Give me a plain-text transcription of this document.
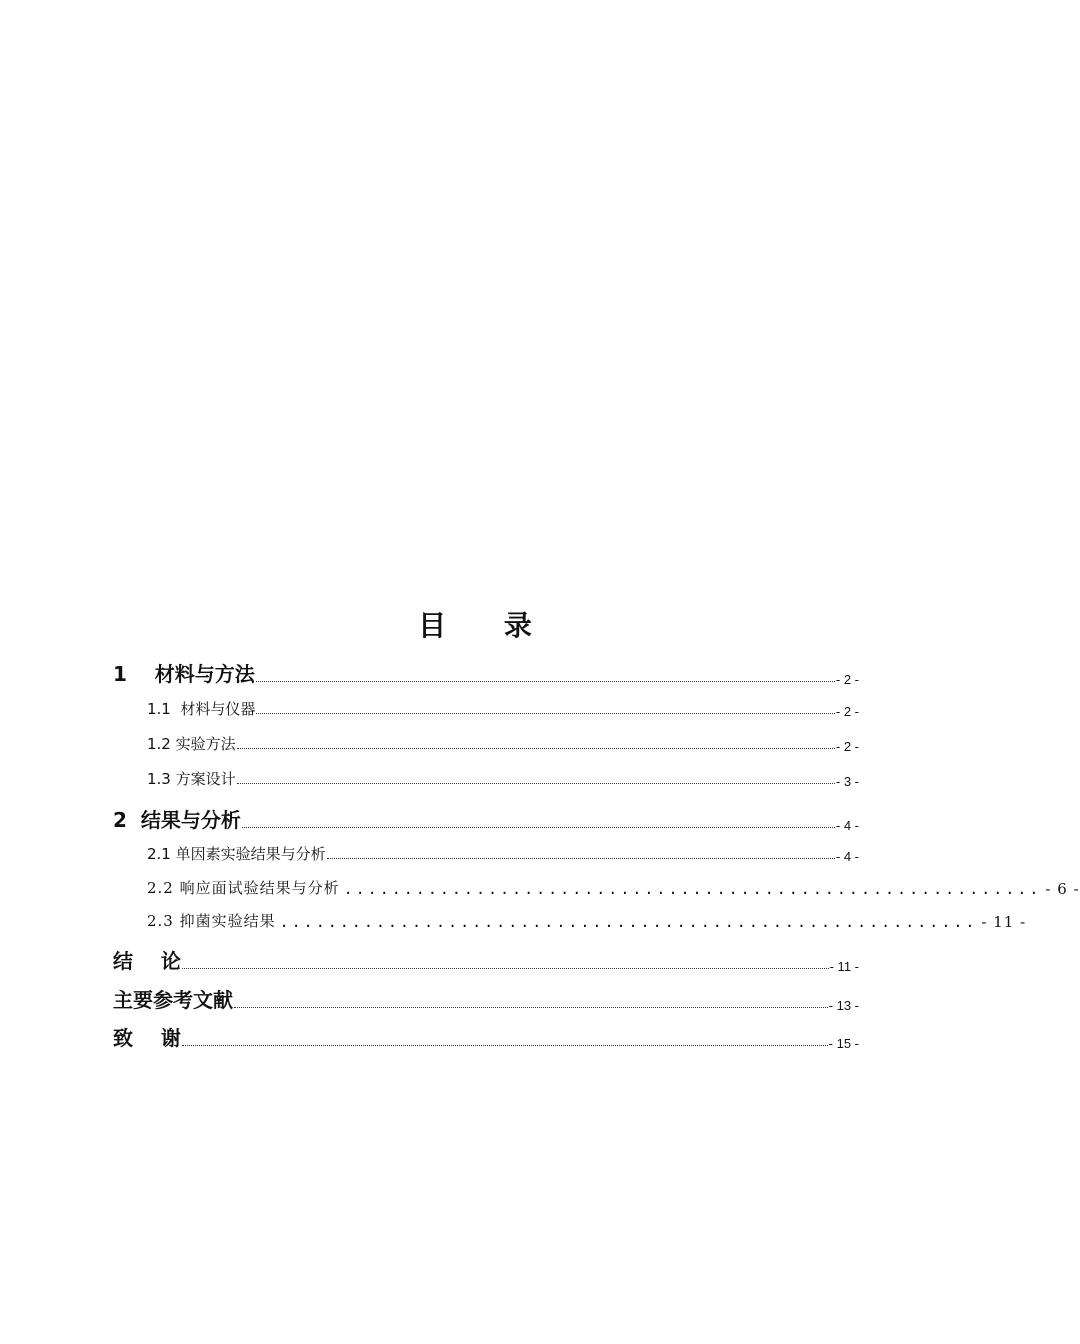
目 录
1    材料与方法	- 2 -
1.1  材料与仪器	- 2 -
1.2 实验方法	- 2 -
1.3 方案设计	- 3 -
2  结果与分析	- 4 -
2.1 单因素实验结果与分析	- 4 -
2.2 响应面试验结果与分析 .......................................................... - 6 -
2.3 抑菌实验结果 .......................................................... - 11 -
结    论	- 11 -
主要参考文献	- 13 -
致    谢	- 15 -
